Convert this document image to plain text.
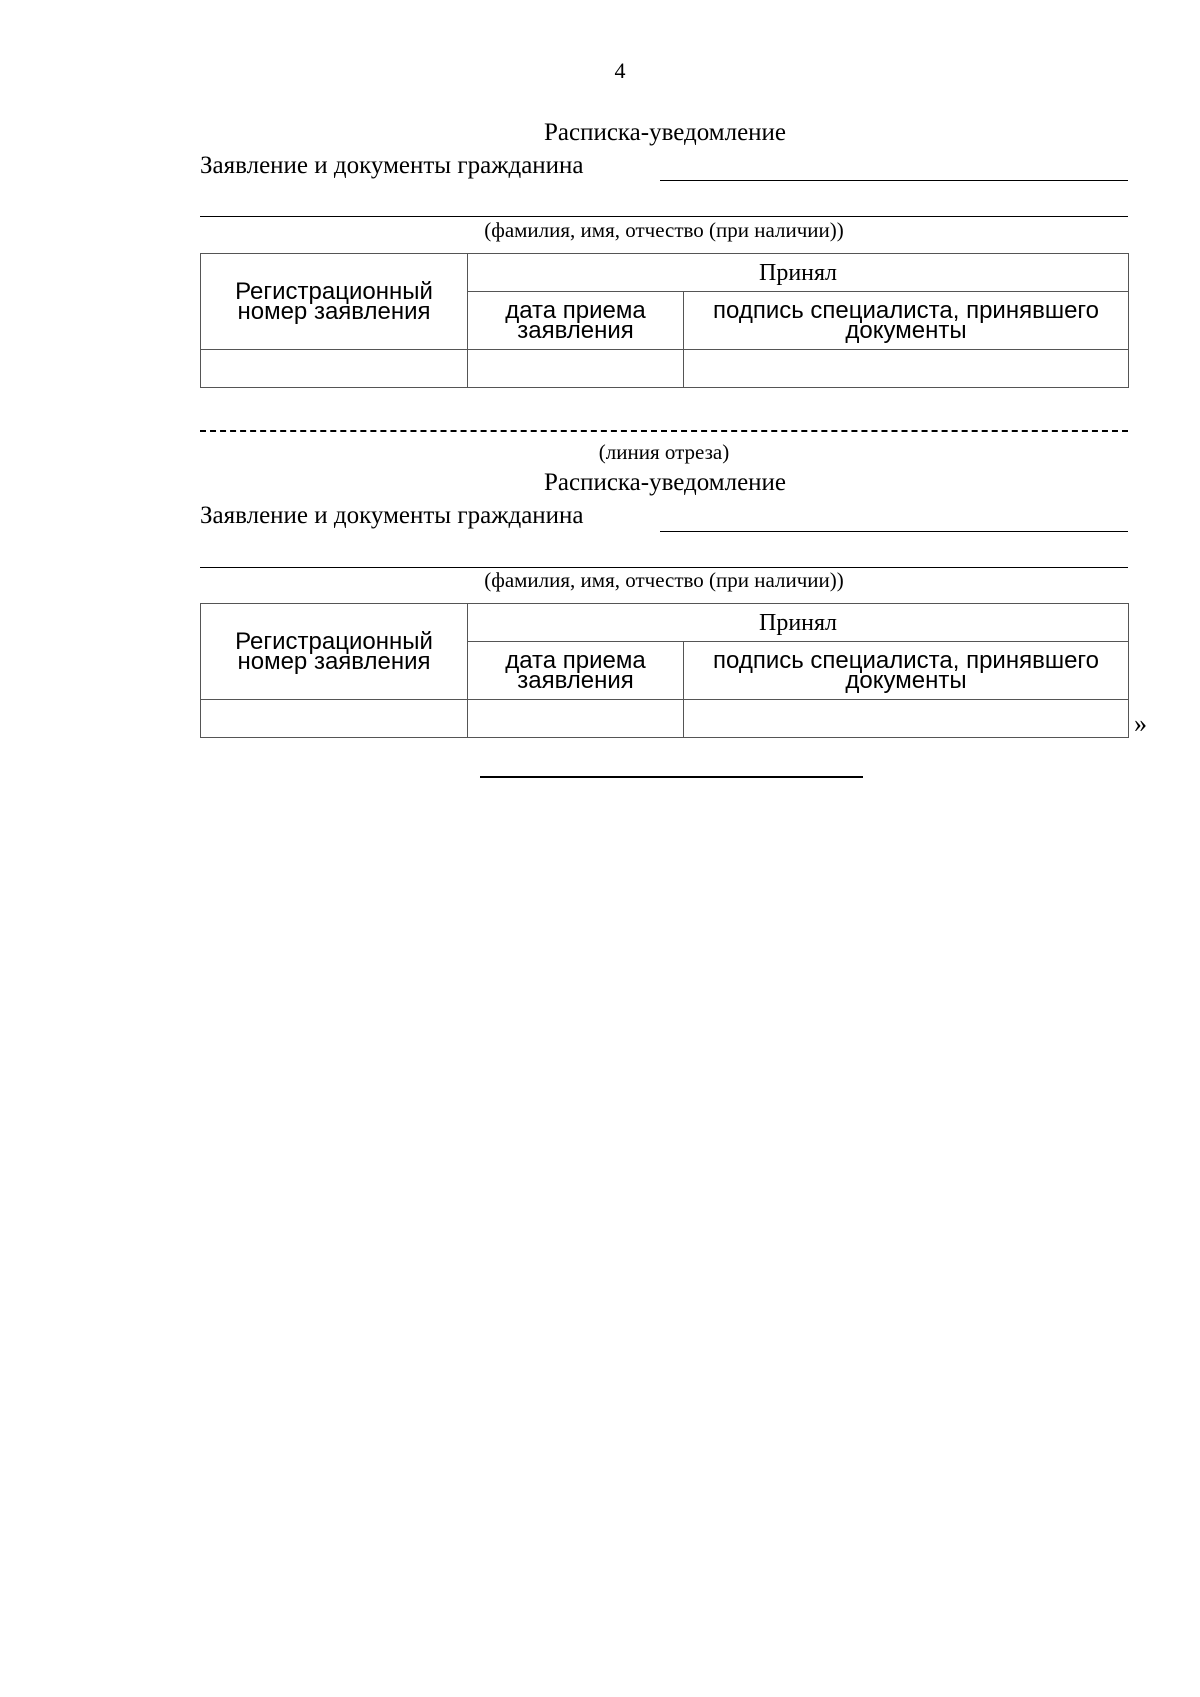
4
Расписка-уведомление
Заявление и документы гражданина
(фамилия, имя, отчество (при наличии))
Регистрационный номер заявления	Принял	
	дата приема заявления	подпись специалиста, принявшего документы

(линия отреза)
Расписка-уведомление
Заявление и документы гражданина
(фамилия, имя, отчество (при наличии))
Регистрационный номер заявления	Принял	
	дата приема заявления	подпись специалиста, принявшего документы

»
